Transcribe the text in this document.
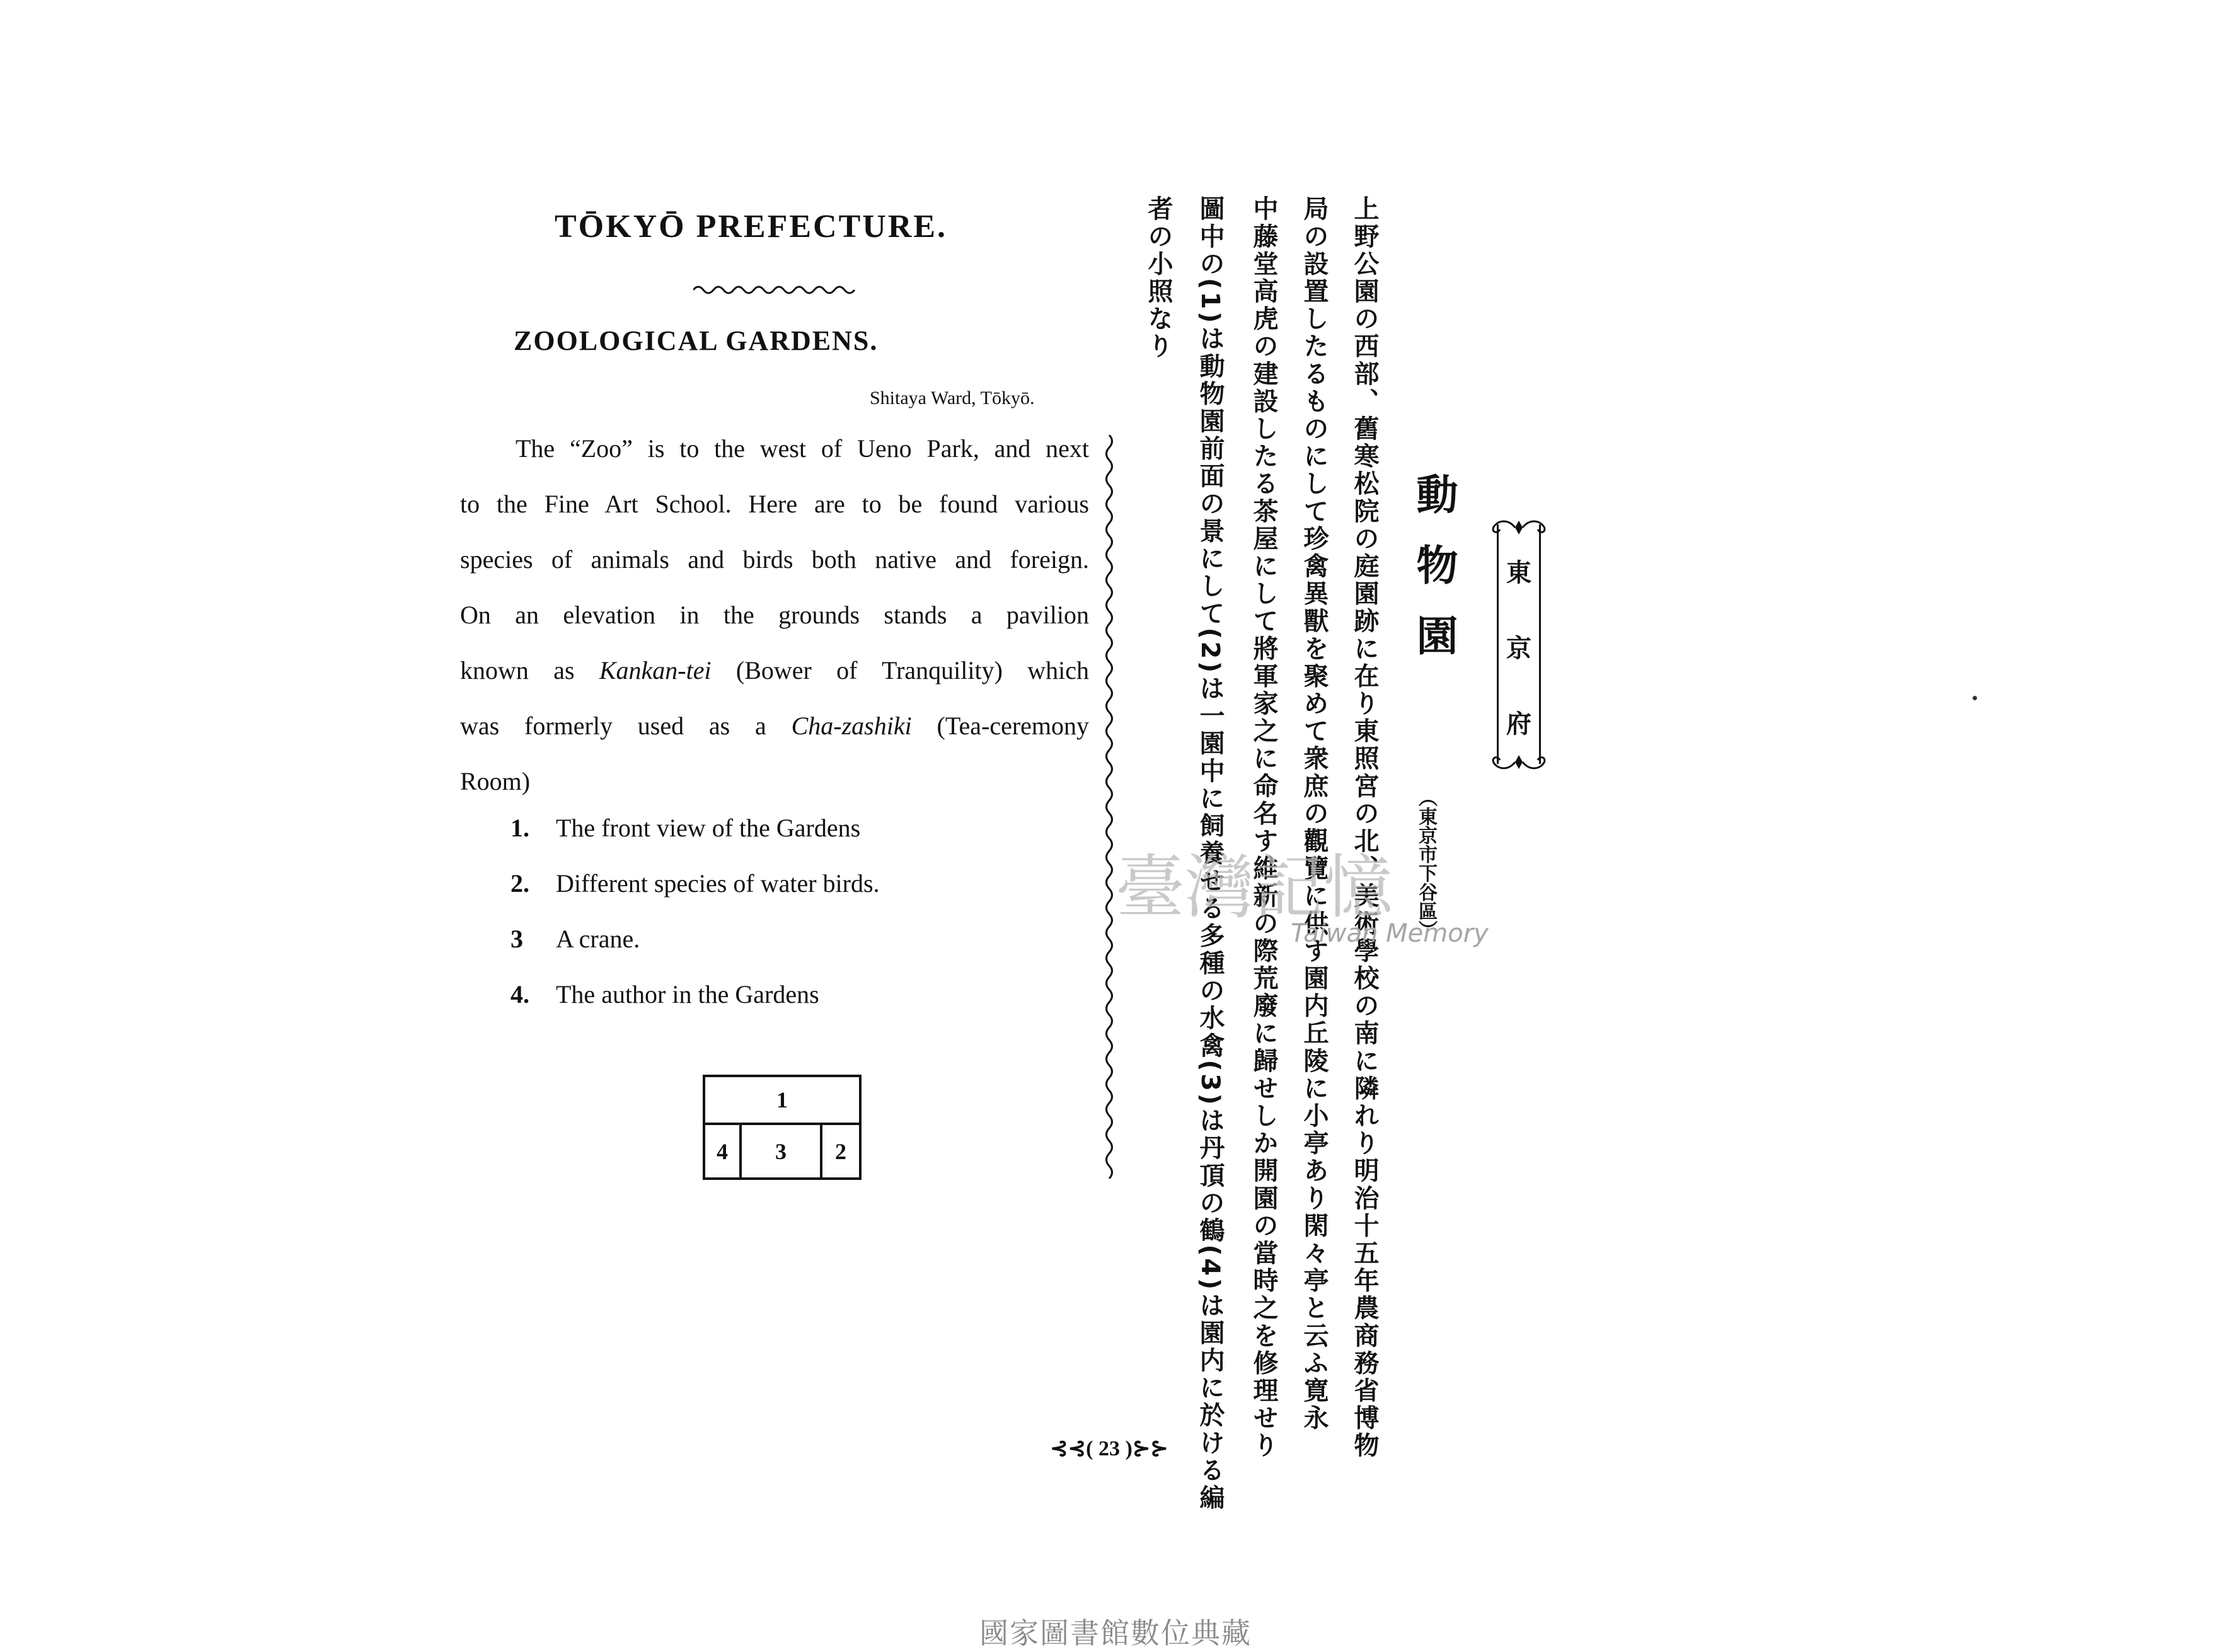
TŌKYŌ PREFECTURE.
ZOOLOGICAL GARDENS.
Shitaya Ward, Tōkyō.
The “Zoo” is to the west of Ueno Park, and next
to the Fine Art School. Here are to be found various
species of animals and birds both native and foreign.
On an elevation in the grounds stands a pavilion
known as Kankan-tei (Bower of Tranquility) which
was formerly used as a Cha-zashiki (Tea-ceremony
Room)
1.	The front view of the Gardens
2.	Different species of water birds.
3	A crane.
4.	The author in the Gardens
1
4	3	2
動物園
（東京市下谷區）
上野公園の西部、舊寒松院の庭園跡に在り東照宮の北、美術學校の南に隣れり明治十五年農商務省博物
局の設置したるものにして珍禽異獸を聚めて衆庶の觀覽に供す園内丘陵に小亭あり閑々亭と云ふ寛永
中藤堂高虎の建設したる茶屋にして將軍家之に命名す維新の際荒廢に歸せしか開園の當時之を修理せり
圖中の(1)は動物園前面の景にして(2)は一園中に飼養せる多種の水禽(3)は丹頂の鶴(4)は園内に於ける編
者の小照なり
東
京
府
臺灣記憶
Taiwan Memory
⊰⊰( 23 )⊱⊱
國家圖書館數位典藏
